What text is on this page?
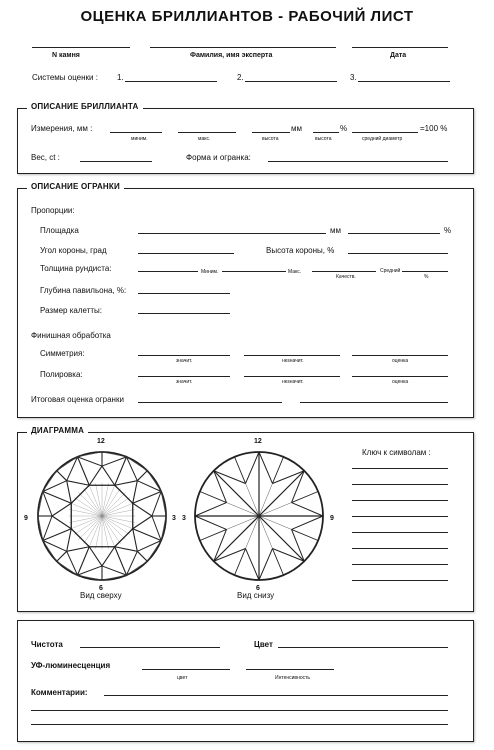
ОЦЕНКА БРИЛЛИАНТОВ - РАБОЧИЙ ЛИСТ
N камня	Фамилия, имя эксперта	Дата
Системы оценки : 1.	2.	3.
ОПИСАНИЕ БРИЛЛИАНТА
Измерения, мм :	мм	%	=100 %
миним.	макс.	высота	высота	средний диаметр
Вес, ct :	Форма и огранка:
ОПИСАНИЕ ОГРАНКИ
Пропорции:
Площадка	мм	%
Угол короны, град	Высота короны, %
Толщина рундиста:	Миним.	Макс.	Средний
Качеств.	%
Глубина павильона, %:
Размер калетты:
Финишная обработка
Симметрия:
значит.	незначит.	оценка
Полировка:
значит.	незначит.	оценка
Итоговая оценка огранки
ДИАГРАММА
12
3
6
9
Вид сверху
12
3
6
9
Вид снизу
Ключ к символам :
Чистота	Цвет
УФ-люминесценция
цвет	Интенсивность
Комментарии:
